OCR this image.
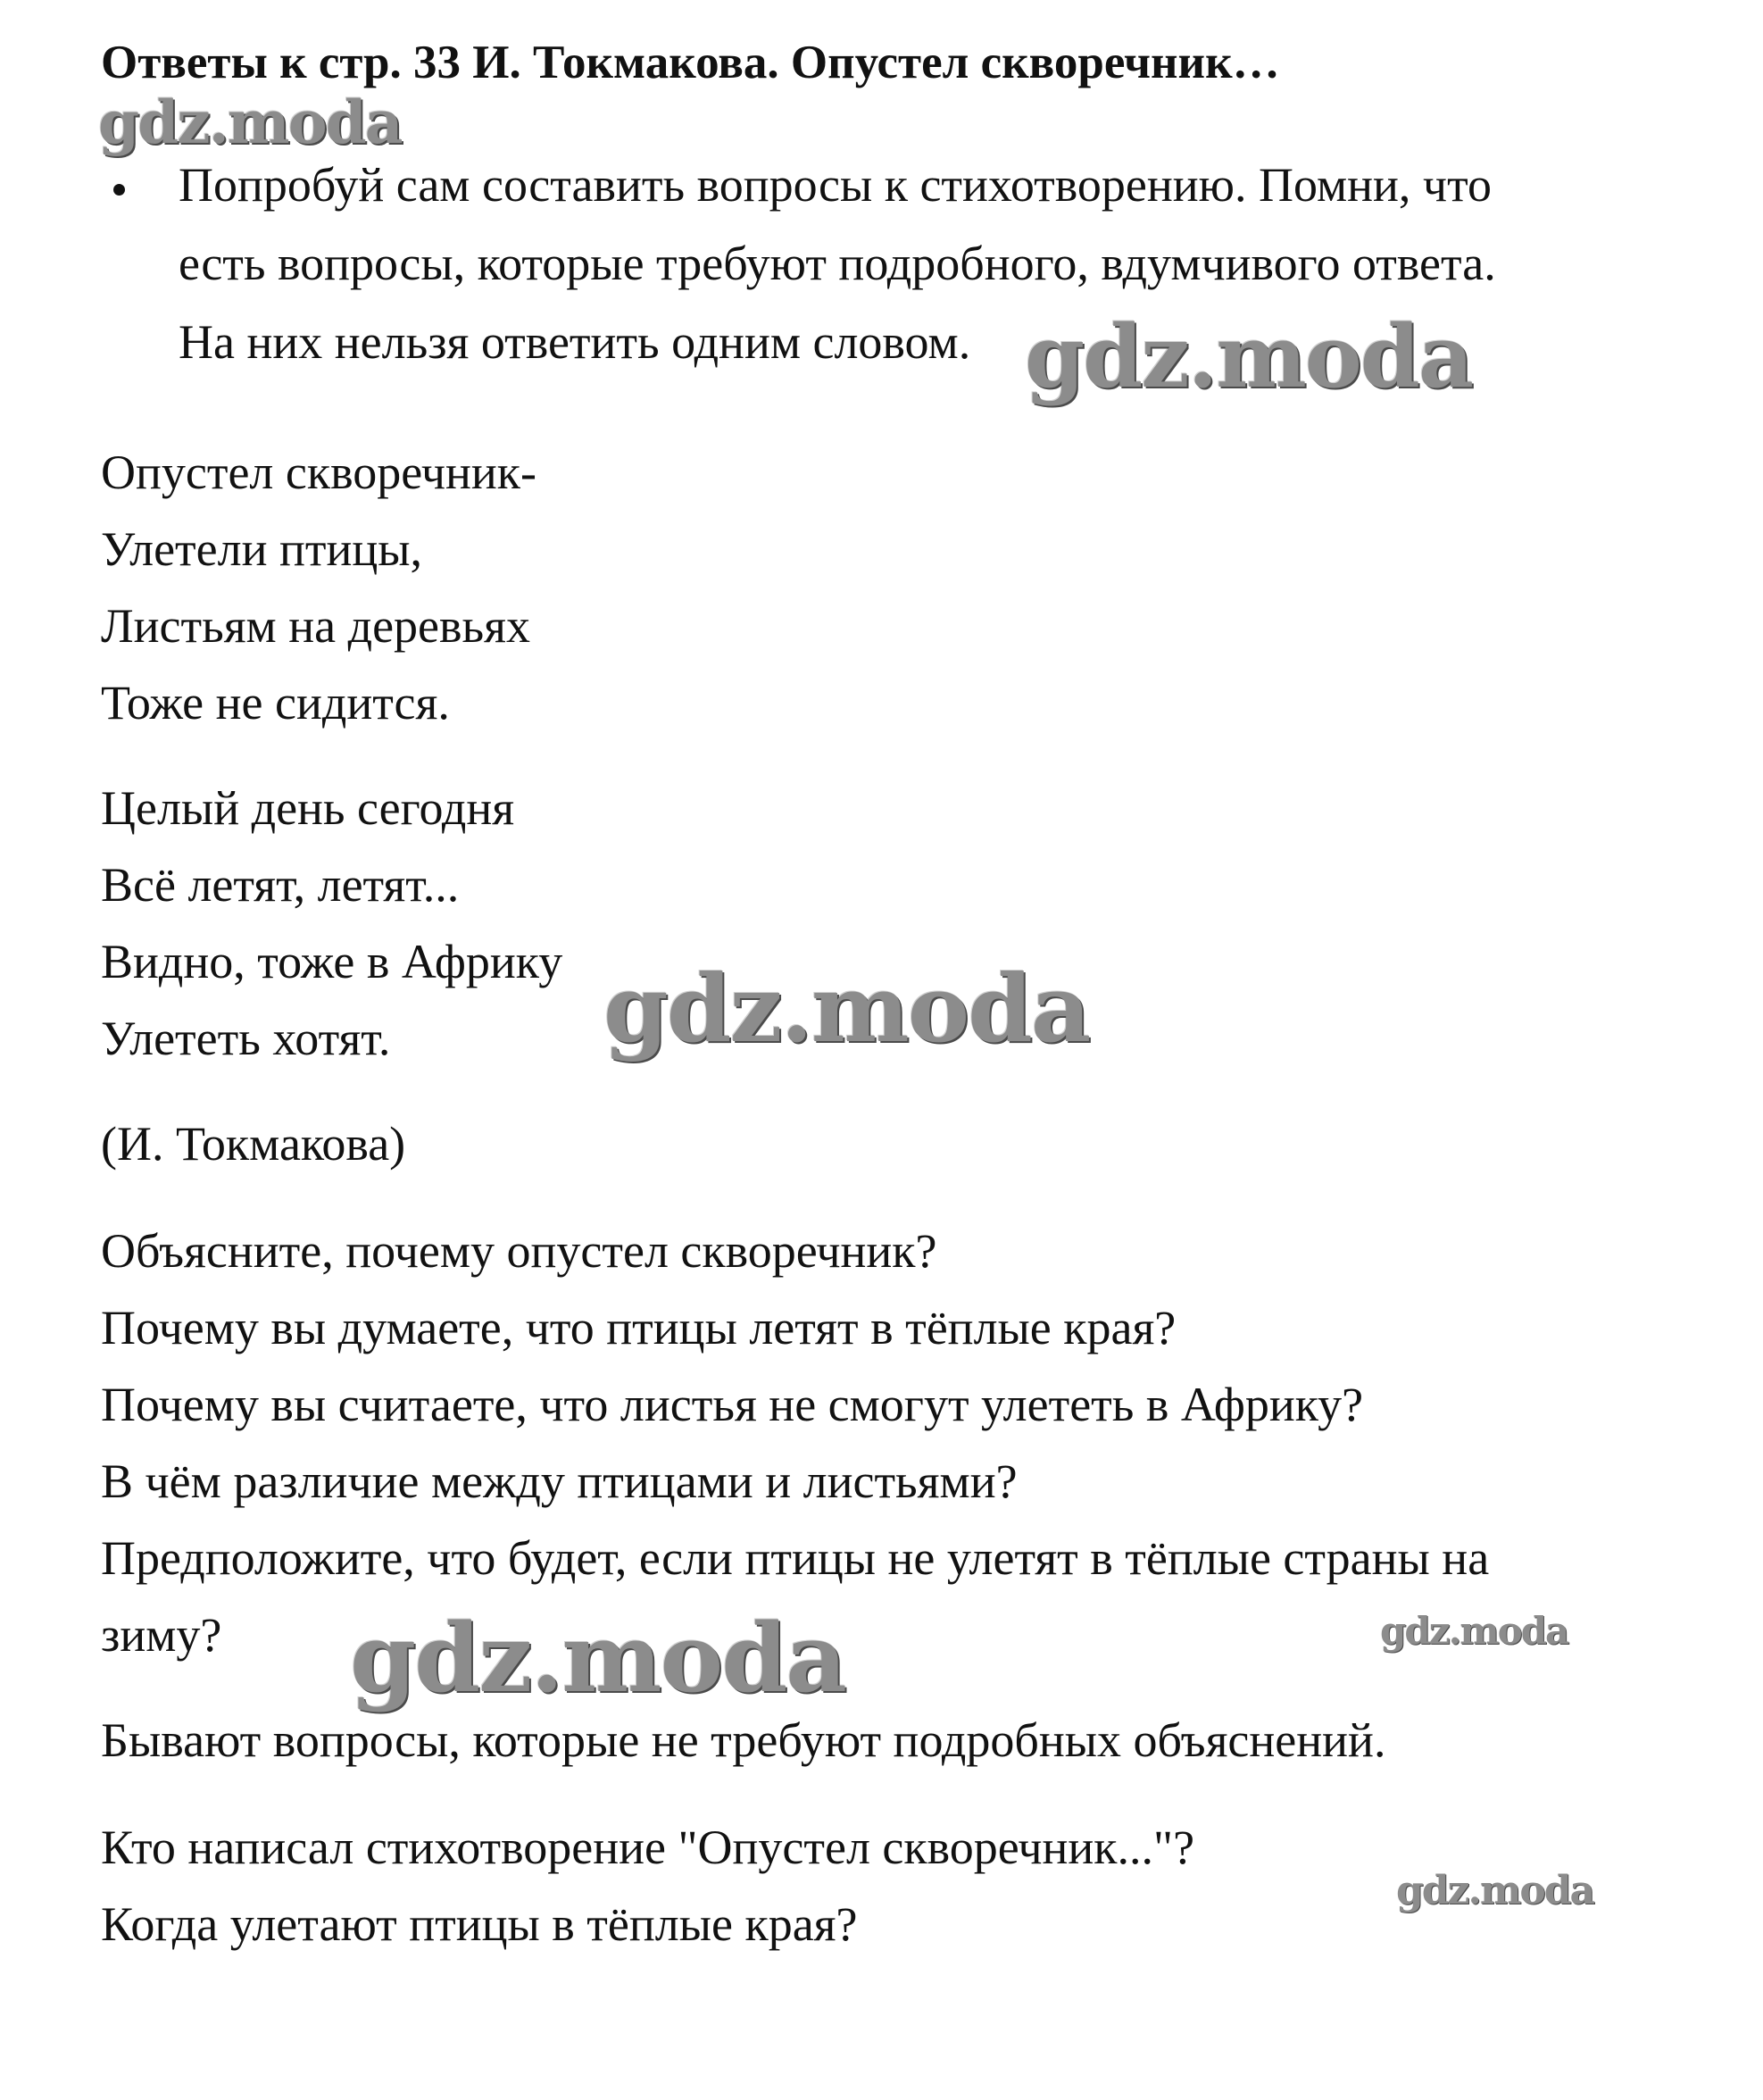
Ответы к стр. 33 И. Токмакова. Опустел скворечник…
Попробуй сам составить вопросы к стихотворению. Помни, что
есть вопросы, которые требуют подробного, вдумчивого ответа.
На них нельзя ответить одним словом.
Опустел скворечник-
Улетели птицы,
Листьям на деревьях
Тоже не сидится.
Целый день сегодня
Всё летят, летят...
Видно, тоже в Африку
Улететь хотят.
(И. Токмакова)
Объясните, почему опустел скворечник?
Почему вы думаете, что птицы летят в тёплые края?
Почему вы считаете, что листья не смогут улететь в Африку?
В чём различие между птицами и листьями?
Предположите, что будет, если птицы не улетят в тёплые страны на
зиму?
Бывают вопросы, которые не требуют подробных объяснений.
Кто написал стихотворение "Опустел скворечник..."?
Когда улетают птицы в тёплые края?
gdz.moda
gdz.moda
gdz.moda
gdz.moda	gdz.moda
gdz.moda
